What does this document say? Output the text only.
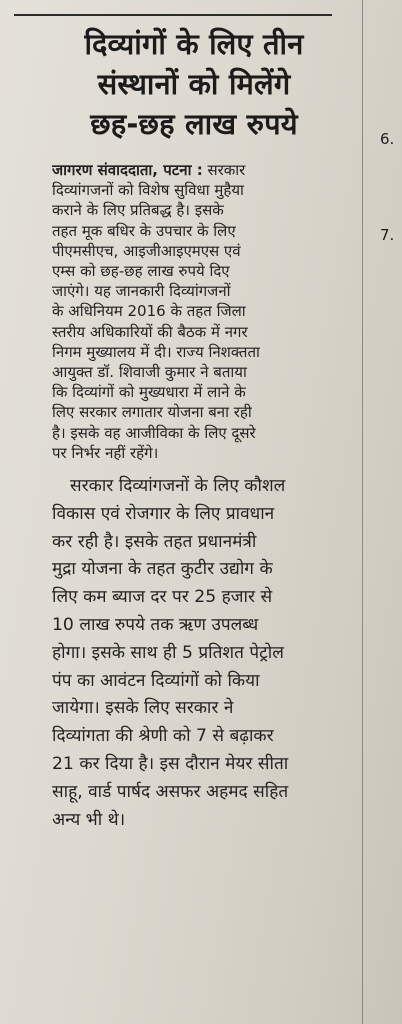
6.
7.
दिव्यांगों के लिए तीन
संस्थानों को मिलेंगे
छह-छह लाख रुपये
जागरण संवाददाता, पटना : सरकार
दिव्यांगजनों को विशेष सुविधा मुहैया
कराने के लिए प्रतिबद्ध है। इसके
तहत मूक बधिर के उपचार के लिए
पीएमसीएच, आइजीआइएमएस एवं
एम्स को छह-छह लाख रुपये दिए
जाएंगे। यह जानकारी दिव्यांगजनों
के अधिनियम 2016 के तहत जिला
स्तरीय अधिकारियों की बैठक में नगर
निगम मुख्यालय में दी। राज्य निशक्तता
आयुक्त डॉ. शिवाजी कुमार ने बताया
कि दिव्यांगों को मुख्यधारा में लाने के
लिए सरकार लगातार योजना बना रही
है। इसके वह आजीविका के लिए दूसरे
पर निर्भर नहीं रहेंगे।
सरकार दिव्यांगजनों के लिए कौशल
विकास एवं रोजगार के लिए प्रावधान
कर रही है। इसके तहत प्रधानमंत्री
मुद्रा योजना के तहत कुटीर उद्योग के
लिए कम ब्याज दर पर 25 हजार से
10 लाख रुपये तक ऋण उपलब्ध
होगा। इसके साथ ही 5 प्रतिशत पेट्रोल
पंप का आवंटन दिव्यांगों को किया
जायेगा। इसके लिए सरकार ने
दिव्यांगता की श्रेणी को 7 से बढ़ाकर
21 कर दिया है। इस दौरान मेयर सीता
साहू, वार्ड पार्षद असफर अहमद सहित
अन्य भी थे।
